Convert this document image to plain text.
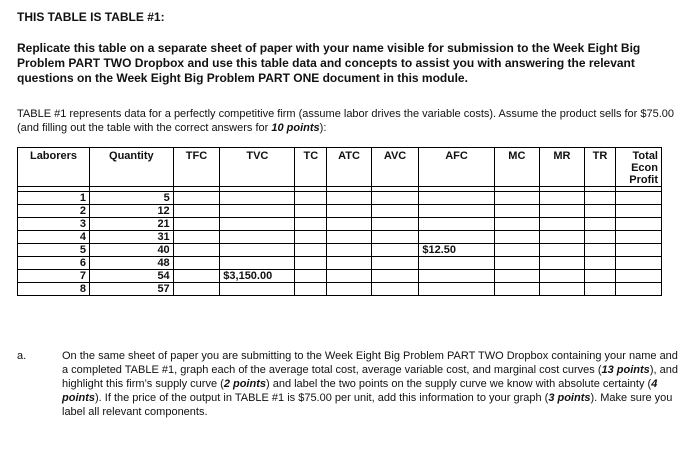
THIS TABLE IS TABLE #1:
Replicate this table on a separate sheet of paper with your name visible for submission to the Week Eight Big Problem PART TWO Dropbox and use this table data and concepts to assist you with answering the relevant questions on the Week Eight Big Problem PART ONE document in this module.
TABLE #1 represents data for a perfectly competitive firm (assume labor drives the variable costs). Assume the product sells for $75.00 (and filling out the table with the correct answers for 10 points):
Laborers	Quantity	TFC	TVC	TC	ATC	AVC	AFC	MC	MR	TR	Total Econ Profit

1	5										
2	12										
3	21										
4	31										
5	40						$12.50				
6	48										
7	54		$3,150.00								
8	57										
a.	On the same sheet of paper you are submitting to the Week Eight Big Problem PART TWO Dropbox containing your name and a completed TABLE #1, graph each of the average total cost, average variable cost, and marginal cost curves (13 points), and highlight this firm’s supply curve (2 points) and label the two points on the supply curve we know with absolute certainty (4 points). If the price of the output in TABLE #1 is $75.00 per unit, add this information to your graph (3 points). Make sure you label all relevant components.
